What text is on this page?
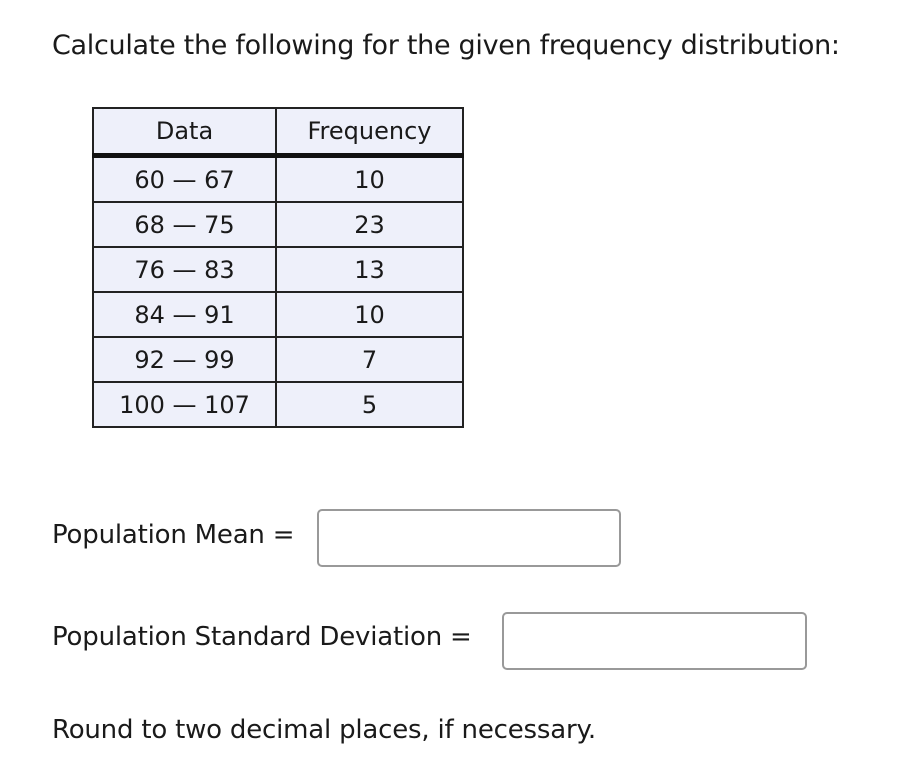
Calculate the following for the given frequency distribution:
Data	Frequency
60 — 67	10
68 — 75	23
76 — 83	13
84 — 91	10
92 — 99	7
100 — 107	5
Population Mean =
Population Standard Deviation =
Round to two decimal places, if necessary.
